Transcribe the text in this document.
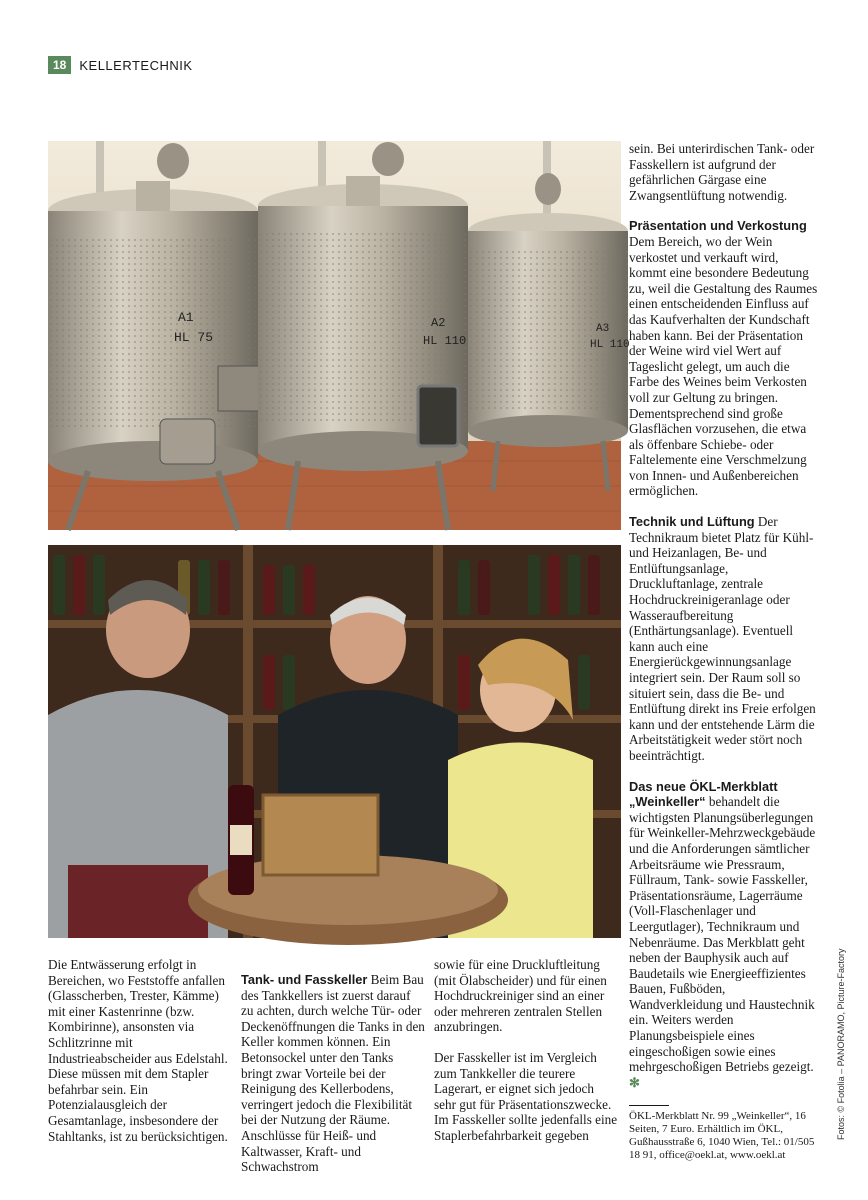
18	KELLERTECHNIK
A1
HL 75
A2
HL 110
A3
HL 110

sein. Bei unterirdischen Tank- oder Fasskellern ist aufgrund der gefährlichen Gärgase eine Zwangsentlüftung notwendig.

Präsentation und Verkostung

Dem Bereich, wo der Wein verkostet und verkauft wird, kommt eine besondere Bedeutung zu, weil die Gestaltung des Raumes einen entscheidenden Einfluss auf das Kaufverhalten der Kundschaft haben kann. Bei der Präsentation der Weine wird viel Wert auf Tageslicht gelegt, um auch die Farbe des Weines beim Verkosten voll zur Geltung zu bringen. Dementsprechend sind große Glasflächen vorzusehen, die etwa als öffenbare Schiebe- oder Faltelemente eine Verschmelzung von Innen- und Außenbereichen ermöglichen.

Technik und Lüftung Der Technikraum bietet Platz für Kühl- und Heizanlagen, Be- und Entlüftungsanlage, Druckluftanlage, zentrale Hochdruckreinigeranlage oder Wasseraufbereitung (Enthärtungsanlage). Eventuell kann auch eine Energierückgewinnungsanlage integriert sein. Der Raum soll so situiert sein, dass die Be- und Entlüftung direkt ins Freie erfolgen kann und der entstehende Lärm die Arbeitstätigkeit weder stört noch beeinträchtigt.

Das neue ÖKL-Merkblatt „Weinkeller“ behandelt die wichtigsten Planungsüberlegungen für Weinkeller-Mehrzweckgebäude und die Anforderungen sämtlicher Arbeitsräume wie Pressraum, Füllraum, Tank- sowie Fasskeller, Präsentationsräume, Lagerräume (Voll-Flaschenlager und Leergutlager), Technikraum und Nebenräume. Das Merkblatt geht neben der Bauphysik auch auf Baudetails wie Energieeffizientes Bauen, Fußböden, Wandverkleidung und Haustechnik ein. Weiters werden Planungsbeispiele eines eingeschoßigen sowie eines mehrgeschoßigen Betriebs gezeigt. ✻

ÖKL-Merkblatt Nr. 99 „Weinkeller“, 16 Seiten, 7 Euro. Erhältlich im ÖKL, Gußhausstraße 6, 1040 Wien, Tel.: 01/505 18 91, office@oekl.at, www.oekl.at

Die Entwässerung erfolgt in Bereichen, wo Feststoffe anfallen (Glasscherben, Trester, Kämme) mit einer Kastenrinne (bzw. Kombirinne), ansonsten via Schlitzrinne mit Industrieabscheider aus Edelstahl. Diese müssen mit dem Stapler befahrbar sein. Ein Potenzialausgleich der Gesamtanlage, insbesondere der Stahltanks, ist zu berücksichtigen.

Tank- und Fasskeller Beim Bau des Tankkellers ist zuerst darauf zu achten, durch welche Tür- oder Deckenöffnungen die Tanks in den Keller kommen können. Ein Betonsockel unter den Tanks bringt zwar Vorteile bei der Reinigung des Kellerbodens, verringert jedoch die Flexibilität bei der Nutzung der Räume. Anschlüsse für Heiß- und Kaltwasser, Kraft- und Schwachstrom

sowie für eine Druckluftleitung (mit Ölabscheider) und für einen Hochdruckreiniger sind an einer oder mehreren zentralen Stellen anzubringen.

Der Fasskeller ist im Vergleich zum Tankkeller die teurere Lagerart, er eignet sich jedoch sehr gut für Präsentationszwecke. Im Fasskeller sollte jedenfalls eine Staplerbefahrbarkeit gegeben	Fotos: © Fotolia – PANORAMO, Picture-Factory
